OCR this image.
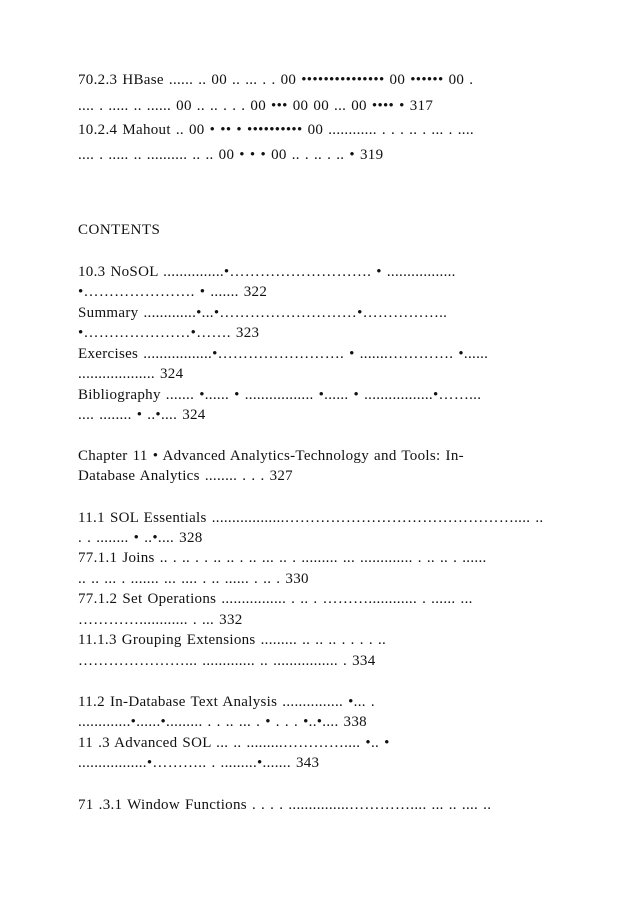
70.2.3 HBase ...... .. 00 .. ... . . 00 ••••••••••••••• 00 •••••• 00 .
.... . ..... .. ...... 00 .. .. . . . 00 ••• 00 00 ... 00 •••• • 317
10.2.4 Mahout .. 00 • •• • •••••••••• 00 ............ . . . .. . ... . ....
.... . ..... .. .......... .. .. 00 • • • 00 .. . .. . .. • 319
CONTENTS
10.3 NoSOL ...............•………………………. • .................
•…………………. • ....... 322
Summary .............•...•………………………•……………..
•…………………•……. 323
Exercises .................•……………………. • .......…………. •......
................... 324
Bibliography ....... •...... • ................. •...... • .................•……...
.... ........ • ..•.... 324
Chapter 11 • Advanced Analytics-Technology and Tools: In-
Database Analytics ........ . . . 327
11.1 SOL Essentials ..................……………………………………….... ..
. . ........ • ..•.... 328
77.1.1 Joins .. . .. . . .. .. . .. ... .. . ......... ... ............. . .. .. . ......
.. .. ... . ....... ... .... . .. ...... . .. . 330
77.1.2 Set Operations ................ . .. . ………............ . ...... ...
…………............ . ... 332
11.1.3 Grouping Extensions ......... .. .. .. . . . . ..
…………………... ............. .. ................ . 334
11.2 In-Database Text Analysis ............... •... .
.............•......•......... . . .. ... . • . . . •..•.... 338
11 .3 Advanced SOL ... .. .........………….... •.. •
.................•……….. . .........•....... 343
71 .3.1 Window Functions . . . . ...............………….... ... .. .... ..
